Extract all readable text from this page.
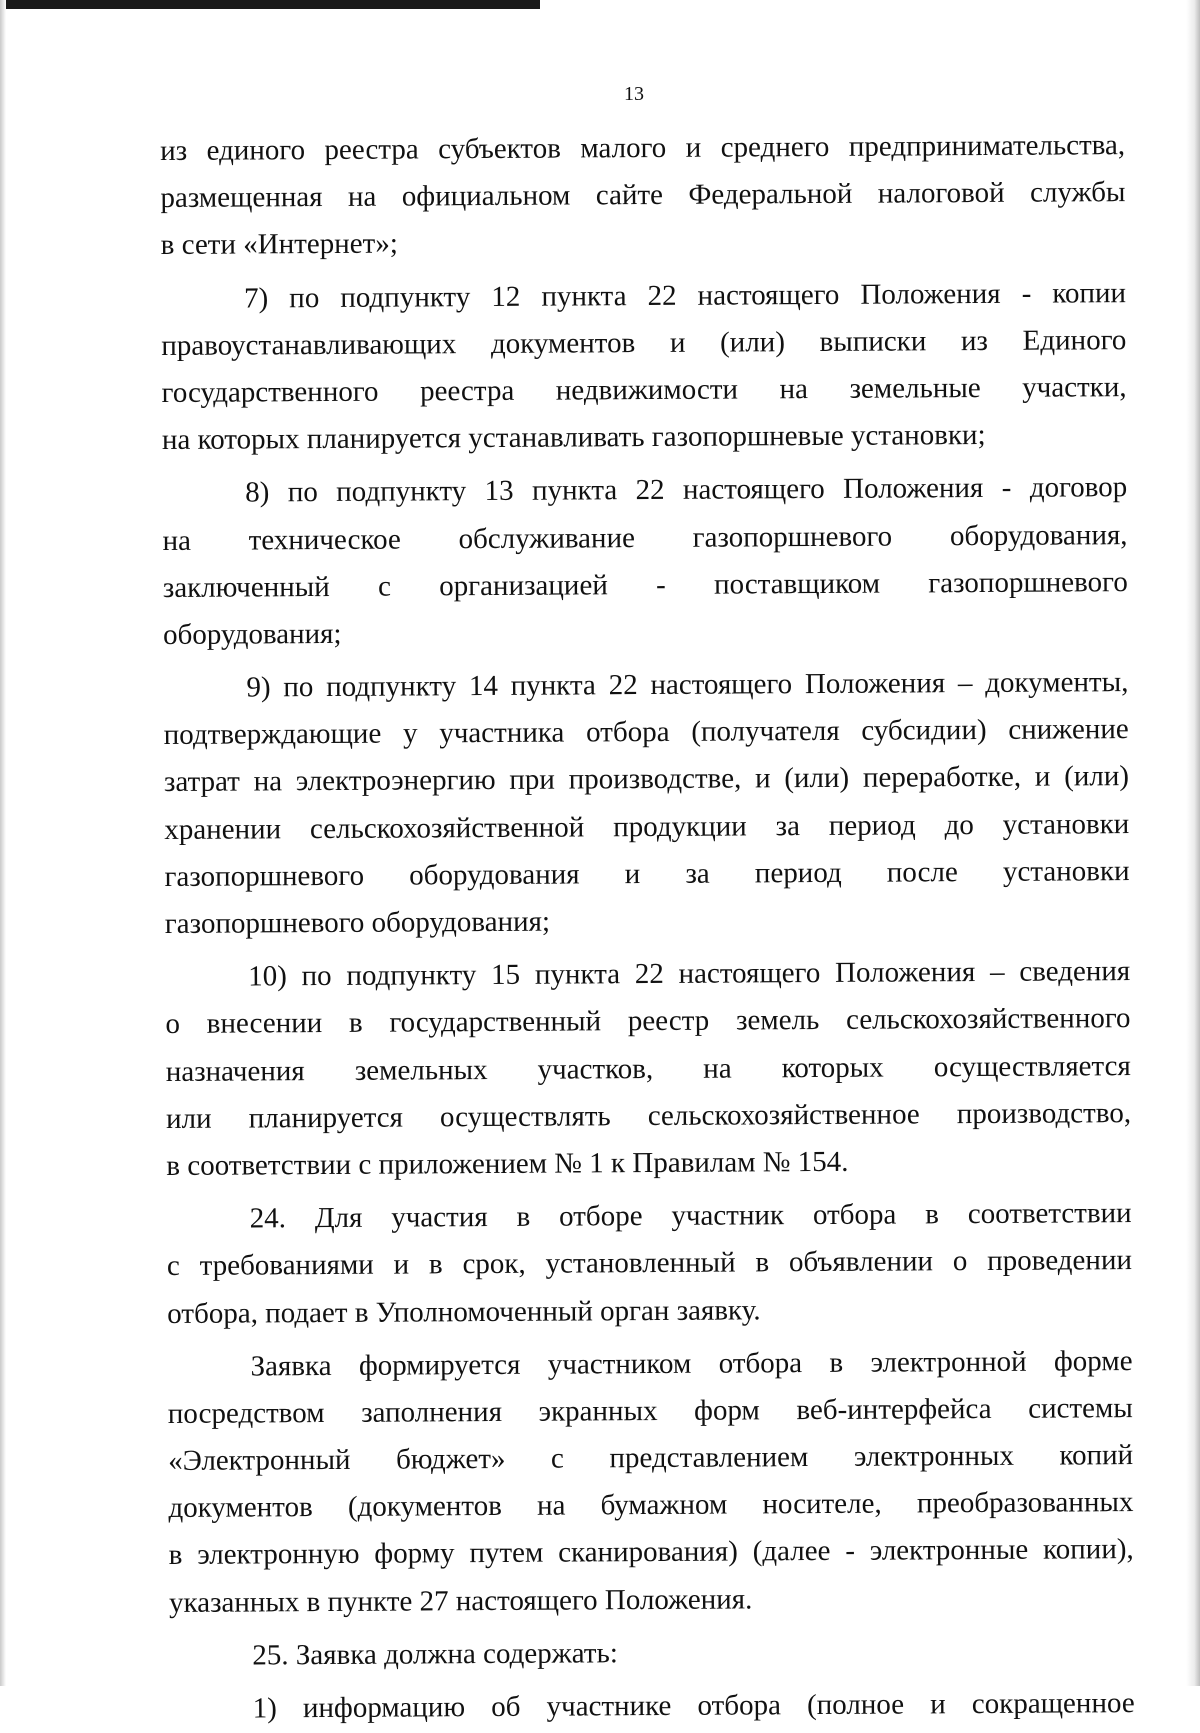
13
из единого реестра субъектов малого и среднего предпринимательства,
размещенная на официальном сайте Федеральной налоговой службы
в сети «Интернет»;
7) по подпункту 12 пункта 22 настоящего Положения - копии
правоустанавливающих документов и (или) выписки из Единого
государственного реестра недвижимости на земельные участки,
на которых планируется устанавливать газопоршневые установки;
8) по подпункту 13 пункта 22 настоящего Положения - договор
на техническое обслуживание газопоршневого оборудования,
заключенный с организацией - поставщиком газопоршневого
оборудования;
9) по подпункту 14 пункта 22 настоящего Положения – документы,
подтверждающие у участника отбора (получателя субсидии) снижение
затрат на электроэнергию при производстве, и (или) переработке, и (или)
хранении сельскохозяйственной продукции за период до установки
газопоршневого оборудования и за период после установки
газопоршневого оборудования;
10) по подпункту 15 пункта 22 настоящего Положения – сведения
о внесении в государственный реестр земель сельскохозяйственного
назначения земельных участков, на которых осуществляется
или планируется осуществлять сельскохозяйственное производство,
в соответствии с приложением № 1 к Правилам № 154.
24. Для участия в отборе участник отбора в соответствии
с требованиями и в срок, установленный в объявлении о проведении
отбора, подает в Уполномоченный орган заявку.
Заявка формируется участником отбора в электронной форме
посредством заполнения экранных форм веб-интерфейса системы
«Электронный бюджет» с представлением электронных копий
документов (документов на бумажном носителе, преобразованных
в электронную форму путем сканирования) (далее - электронные копии),
указанных в пункте 27 настоящего Положения.
25. Заявка должна содержать:
1) информацию об участнике отбора (полное и сокращенное
